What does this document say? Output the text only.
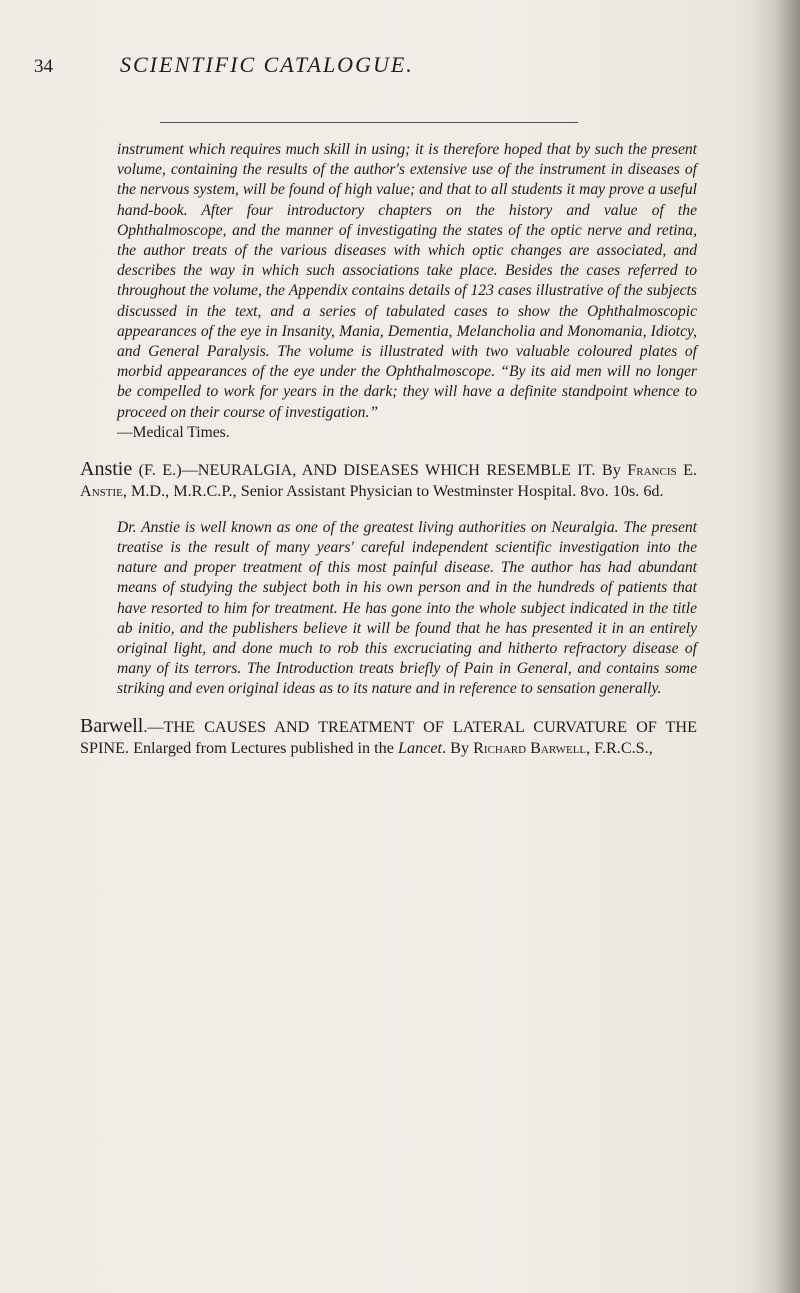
34	SCIENTIFIC CATALOGUE.

instrument which requires much skill in using; it is therefore hoped that by such the present volume, containing the results of the author's extensive use of the instrument in diseases of the nervous system, will be found of high value; and that to all students it may prove a useful hand-book. After four introductory chapters on the history and value of the Ophthalmoscope, and the manner of investigating the states of the optic nerve and retina, the author treats of the various diseases with which optic changes are associated, and describes the way in which such associations take place. Besides the cases referred to throughout the volume, the Appendix contains details of 123 cases illustrative of the subjects discussed in the text, and a series of tabulated cases to show the Ophthalmoscopic appearances of the eye in Insanity, Mania, Dementia, Melancholia and Monomania, Idiotcy, and General Paralysis. The volume is illustrated with two valuable coloured plates of morbid appearances of the eye under the Ophthalmoscope. “By its aid men will no longer be compelled to work for years in the dark; they will have a definite standpoint whence to proceed on their course of investigation.”

—Medical Times.

Anstie (F. E.)—NEURALGIA, AND DISEASES WHICH RESEMBLE IT. By Francis E. Anstie, M.D., M.R.C.P., Senior Assistant Physician to Westminster Hospital. 8vo. 10s. 6d.

Dr. Anstie is well known as one of the greatest living authorities on Neuralgia. The present treatise is the result of many years' careful independent scientific investigation into the nature and proper treatment of this most painful disease. The author has had abundant means of studying the subject both in his own person and in the hundreds of patients that have resorted to him for treatment. He has gone into the whole subject indicated in the title ab initio, and the publishers believe it will be found that he has presented it in an entirely original light, and done much to rob this excruciating and hitherto refractory disease of many of its terrors. The Introduction treats briefly of Pain in General, and contains some striking and even original ideas as to its nature and in reference to sensation generally.

Barwell.—THE CAUSES AND TREATMENT OF LATERAL CURVATURE OF THE SPINE. Enlarged from Lectures published in the Lancet. By Richard Barwell, F.R.C.S.,
